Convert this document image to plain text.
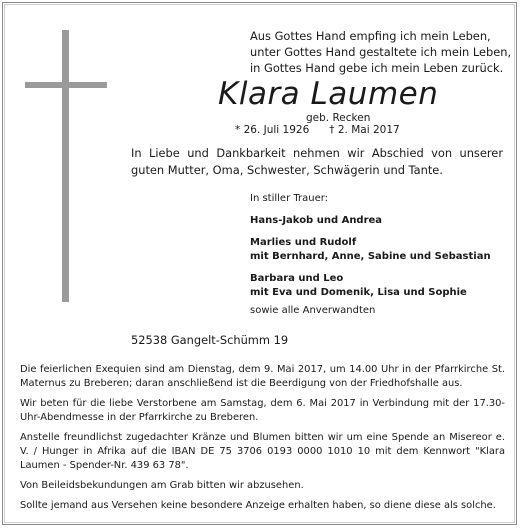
Aus Gottes Hand empfing ich mein Leben,
unter Gottes Hand gestaltete ich mein Leben,
in Gottes Hand gebe ich mein Leben zurück.
Klara Laumen
geb. Recken
* 26. Juli 1926 † 2. Mai 2017
In Liebe und Dankbarkeit nehmen wir Abschied von unserer guten Mutter, Oma, Schwester, Schwägerin und Tante.
In stiller Trauer:
Hans-Jakob und Andrea
Marlies und Rudolf
mit Bernhard, Anne, Sabine und Sebastian
Barbara und Leo
mit Eva und Domenik, Lisa und Sophie
sowie alle Anverwandten
52538 Gangelt-Schümm 19

Die feierlichen Exequien sind am Dienstag, dem 9. Mai 2017, um 14.00 Uhr in der Pfarrkirche St. Maternus zu Breberen; daran anschließend ist die Beerdigung von der Friedhofshalle aus.

Wir beten für die liebe Verstorbene am Samstag, dem 6. Mai 2017 in Verbindung mit der 17.30-Uhr-Abendmesse in der Pfarrkirche zu Breberen.

Anstelle freundlichst zugedachter Kränze und Blumen bitten wir um eine Spende an Misereor e. V. / Hunger in Afrika auf die IBAN DE 75 3706 0193 0000 1010 10 mit dem Kennwort "Klara Laumen - Spender-Nr. 439 63 78".

Von Beileidsbekundungen am Grab bitten wir abzusehen.

Sollte jemand aus Versehen keine besondere Anzeige erhalten haben, so diene diese als solche.
